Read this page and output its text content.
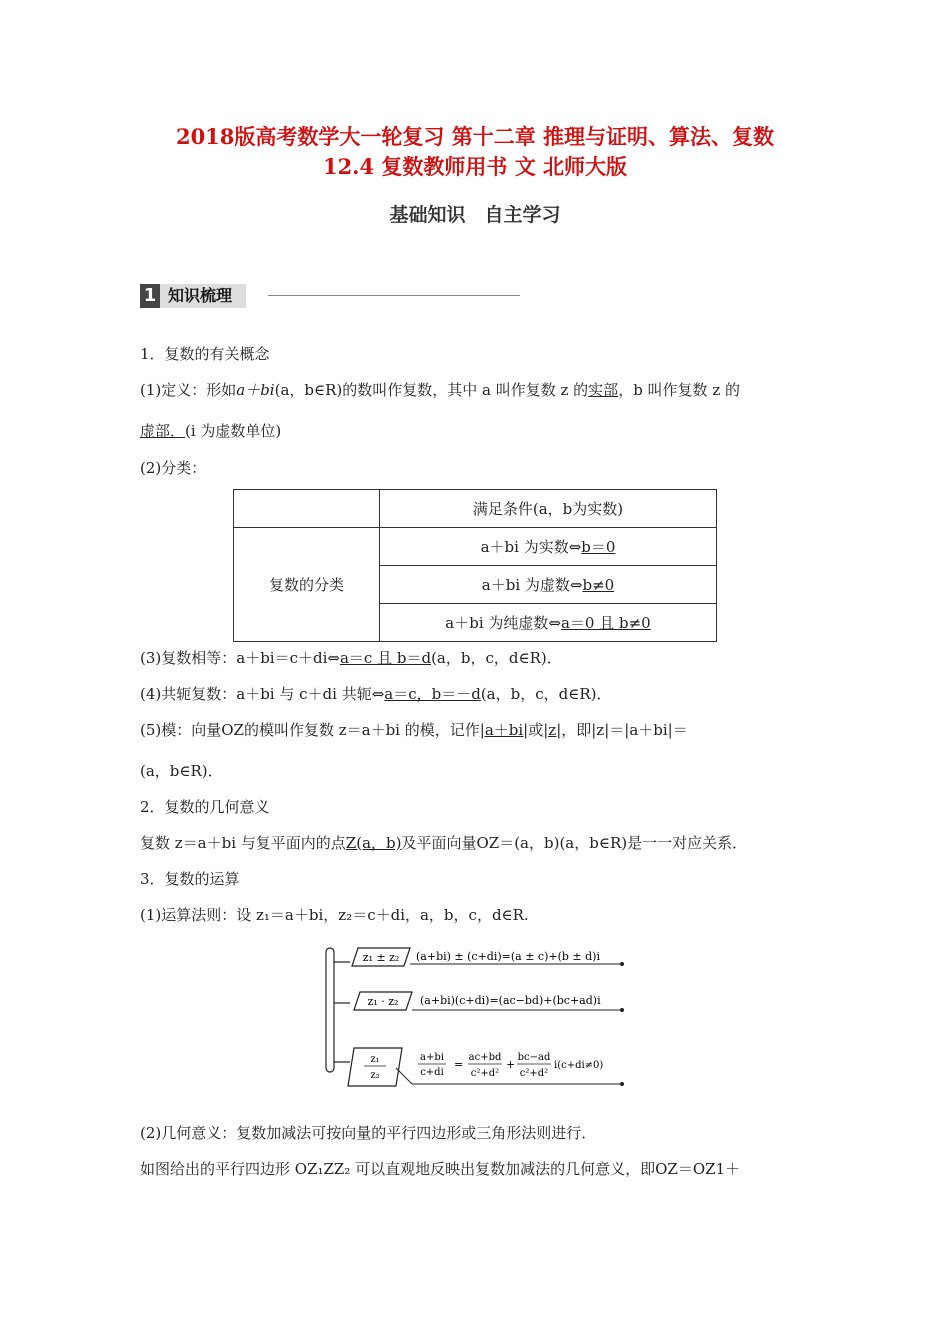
2018版高考数学大一轮复习 第十二章 推理与证明、算法、复数
12.4 复数教师用书 文 北师大版
基础知识　自主学习
1 知识梳理
1．复数的有关概念
(1)定义：形如a＋bi(a，b∈R)的数叫作复数，其中 a 叫作复数 z 的实部，b 叫作复数 z 的
虚部．(i 为虚数单位)
(2)分类：
	满足条件(a，b为实数)
复数的分类	a＋bi 为实数⇔b＝0
	a＋bi 为虚数⇔b≠0
	a＋bi 为纯虚数⇔a＝0 且 b≠0
(3)复数相等：a＋bi＝c＋di⇔a＝c 且 b＝d(a，b，c，d∈R)．
(4)共轭复数：a＋bi 与 c＋di 共轭⇔a＝c，b＝－d(a，b，c，d∈R)．
(5)模：向量OZ的模叫作复数 z＝a＋bi 的模，记作|a＋bi|或|z|，即|z|＝|a＋bi|＝
(a，b∈R)．
2．复数的几何意义
复数 z＝a＋bi 与复平面内的点Z(a，b)及平面向量OZ＝(a，b)(a，b∈R)是一一对应关系．
3．复数的运算
(1)运算法则：设 z₁＝a＋bi，z₂＝c＋di，a，b，c，d∈R.
z₁ ± z₂ (a+bi) ± (c+di)=(a ± c)+(b ± d)i
z₁ · z₂ (a+bi)(c+di)=(ac−bd)+(bc+ad)i
z₁
z₂
a+bi
c+di
=
ac+bd
c²+d²
+
bc−ad
c²+d²
i(c+di≠0)
(2)几何意义：复数加减法可按向量的平行四边形或三角形法则进行．
如图给出的平行四边形 OZ₁ZZ₂ 可以直观地反映出复数加减法的几何意义，即OZ＝OZ1＋
